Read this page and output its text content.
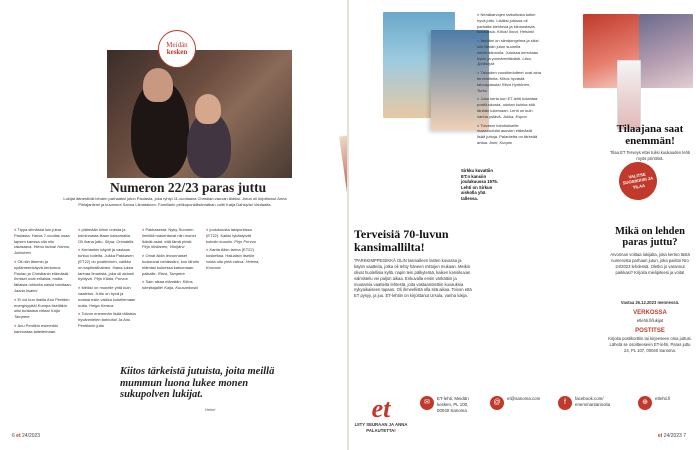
Meidän
kesken
Numeron 22/23 paras juttu

Lukijat äänestivät lehden parhaaksi jutun Paulasta, joka ryhtyi 11-vuotiaana Christian-vauvan äidiksi. Jutun oli kirjoittanut Anna Pihlajaniemi ja kuvannut Sanna Liimatainen. Familiarin pelikuponkilisämatkan voitti Katja Dahlqvist Vantaalta.

× Tippa silmässä luin jutua Paulasta. Harva 7-vuotias osaa lapsen kanssa olla niin rakastava. Hieno tarina! Hannu, Jokioinen

× Oli niin lämmin ja sydämeenkäyvä kertomus Paulan ja Christianin elämästä. Ihmiset ovat erilaisia, mutta tällaisia rohkeita naisia tarvitaan. Jaana Iisalmi

× Ei voi kun ihailla Anu Pentikin energisyyttä! Kumpa itselläkin olisi tuollaista virtaa! Kaija Tampere

× Anu Pentikin esimerkki kannustaa taiteilemaan.

× pitämään kiinni unesta ja toiminnasta iltaan katsomatta. Oli ihana juttu. Sirpa, Orimattila

× Kemankin käynti ja vastaus tuntuu todelta. Jukka Pakkasen (ET22) on positiivinen, valikko on kaptinalihainen. Ihana lukea tarinaa Ilmarista, joka oli aidosti hyötyvä. Pirjo Kiiala, Porvoo

× Meikki on monelle yhtä kuin vaatetus. Juttu on hyvä ja nostaa esiin vaikka kokeilemaan uutta. Helga Kerava

× Toivon enemmän lisää tällaisia hyvänmielen tarinoita! Ja Anu Pentikinin juttu

× Pakkasesta. Nyky-Suomen ilmiöitä masentavat niin monet ikävät asiat, että tämä piristi. Pirjo Mollanen, Viinijärvi

× Omat äidin leivonnaiset tuoksuvat nenässäni, kun lähdin elämäsi kuluessa katsomaan paikalle. Ritva, Tampere

× Sain aikaa elämään. Kiitos toimittajalle! Kaija, Kuusankoski

× joulukuusta lasipurkissa (ET22). Kaikki tykästyivät kolmiin kuusiin. Pirjo Porvoo

× Karita Aikin tarina (ET22) koskettaa. Haluaisin itsekin voida olla yhtä vahva. Helena, Kouvola

Kiitos tärkeistä jutuista, joita meillä mummun luona lukee monen sukupolven lukijat.

Helmi

6 et 24/2023

Sirkku kuvattiin ET:n kansiin joulukuussa 1975. Lehti on Sirkun aiskolla yhä tallessa.

Terveisiä 70-luvun kansimallilta!

“PARKKIMPPESIIKKÄ OLIN tasmalleen lasten kuvassa ja käytin vaatteita, jotka oli tehty häneen mittojen mukaan. Meikin olivat huolellisia kyllä, napin tein pälkyterää, kaiken kansikuvan valmistelu vei paljon aikaa. Enkuvalla ensin värkättiin ja muutamia vaatteita lehtestä, joita vastaanotettiin kuvauksia nykyaikaiseen tapaan. Oli ihmeellistä olla sitä aikaa. Toivon että ET pysyy, ja juu. ET-lehtiin on kirjoittanut Ursula, vanha lukija.

× Nenäkarvojen tarkoitusta tutkin hyvä juttu. Lisäksi jutussa oli parhaita kiehtovia ja kiinnostavia kuvauksia. Kiitos! Ilona, Helsinki

× Itselläni on silmäongelma ja siksi luin tämän jutun suurella mielenkiinnolla. Jutuissa kerrotaan hyvin ja ymmärrettävästi. Liisa, Jyväskylä

× Talouden vuositiedotteet ovat aina tervetulleita. Kiitos hyvästä talousjutusta! Ritva Hyötönen, Turku

× Joka kerta kun ET-lehti kolahtaa postiluukusta, odotan kuinka sitä tänään lukemaan. Lehti on kuin vanha ystävä. Jukka, Espoo

× Toiveeni toimitukselle: maaseudulla asuvien elämästä lisää juttuja. Palautetta on tärkeää antaa. Anni, Kuopio

Tilaajana saat enemmän!

Tilaa ET Terveys ettei tulisi kuukauden lehti myös printtinä.

VALITSE SUOSIKKISI JA TILAA
Mikä on lehden paras juttu?

Arvonnan voittaa lukijalta, joka kertoo tästä numerosta parhaan jutun, joka paistoi Nro 24/2023 lehdessä. Oletko jo varannut paikkasi? Kirjoita mielipiteesi ja voita!

Vastaa 26.12.2023 mennessä.

VERKOSSA

etlehti.fi/lukijat

POSTITSE

Kirjoita postikorttiin tai kirjeeseen oma juttusi. Lähetä se osoitteeseen ET-lehti, Paras juttu 24, PL 107, 00040 Sanoma.

et
LIITY SEURAAN JA ANNA PALAUTETTA!
✉
ET-lehti, Meidän kesken, PL 100, 00040 Sanoma
@
et@sanoma.com
f
facebook.com/ enemmantarinoita	⊕
etlehti.fi
et 24/2023 7
